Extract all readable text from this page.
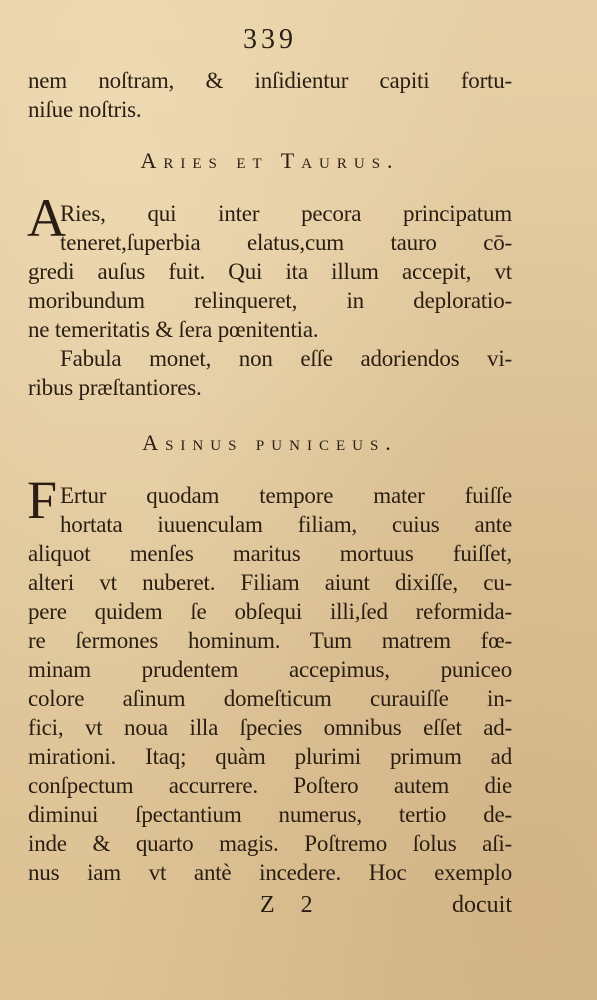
339
nem noſtram, & inſidientur capiti fortu-
niſue noſtris.
Aries et Taurus.
A
Ries, qui inter pecora principatum
teneret,ſuperbia elatus,cum tauro cō-
gredi auſus fuit. Qui ita illum accepit, vt
moribundum relinqueret, in deploratio-
ne temeritatis & ſera pœnitentia.
Fabula monet, non eſſe adoriendos vi-
ribus præſtantiores.
Asinus puniceus.
F Ertur quodam tempore mater fuiſſe
hortata iuuenculam filiam, cuius ante
aliquot menſes maritus mortuus fuiſſet,
alteri vt nuberet. Filiam aiunt dixiſſe, cu-
pere quidem ſe obſequi illi,ſed reformida-
re ſermones hominum. Tum matrem fœ-
minam prudentem accepimus, puniceo
colore aſinum domeſticum curauiſſe in-
fici, vt noua illa ſpecies omnibus eſſet ad-
mirationi. Itaq; quàm plurimi primum ad
conſpectum accurrere. Poſtero autem die
diminui ſpectantium numerus, tertio de-
inde & quarto magis. Poſtremo ſolus aſi-
nus iam vt antè incedere. Hoc exemplo
Z 2	docuit
